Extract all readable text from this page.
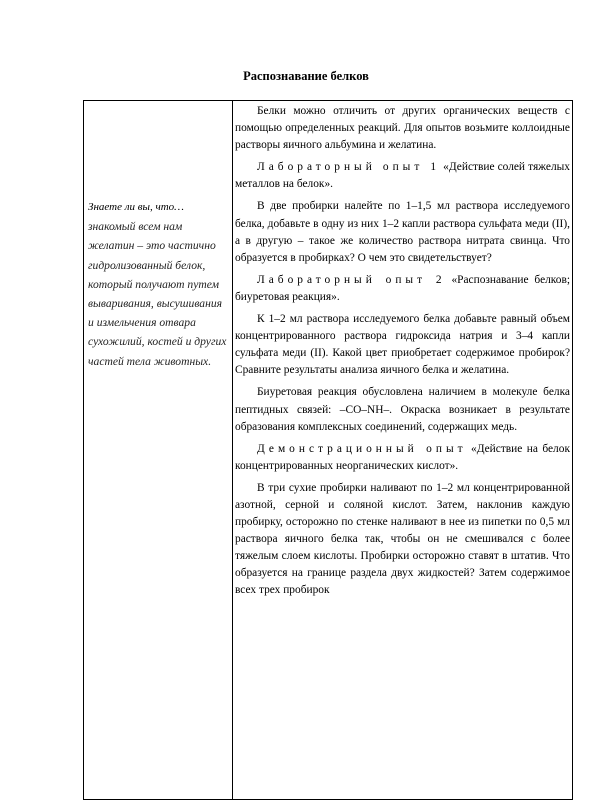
Распознавание белков
Знаете ли вы, что…
знакомый всем нам желатин – это частично гидролизованный белок, который получают путем вываривания, высушивания и измельчения отвара сухожилий, костей и других частей тела животных.

Белки можно отличить от других органических веществ с помощью определенных реакций. Для опытов возьмите коллоидные растворы яичного альбумина и желатина.

Лабораторный опыт 1 «Действие солей тяжелых металлов на белок».

В две пробирки налейте по 1–1,5 мл раствора исследуемого белка, добавьте в одну из них 1–2 капли раствора сульфата меди (II), а в другую – такое же количество раствора нитрата свинца. Что образуется в пробирках? О чем это свидетельствует?

Лабораторный опыт 2 «Распознавание белков; биуретовая реакция».

К 1–2 мл раствора исследуемого белка добавьте равный объем концентрированного раствора гидроксида натрия и 3–4 капли сульфата меди (II). Какой цвет приобретает содержимое пробирок? Сравните результаты анализа яичного белка и желатина.

Биуретовая реакция обусловлена наличием в молекуле белка пептидных связей: –CO–NH–. Окраска возникает в результате образования комплексных соединений, содержащих медь.

Демонстрационный опыт «Действие на белок концентрированных неорганических кислот».

В три сухие пробирки наливают по 1–2 мл концентрированной азотной, серной и соляной кислот. Затем, наклонив каждую пробирку, осторожно по стенке наливают в нее из пипетки по 0,5 мл раствора яичного белка так, чтобы он не смешивался с более тяжелым слоем кислоты. Пробирки осторожно ставят в штатив. Что образуется на границе раздела двух жидкостей? Затем содержимое всех трех пробирок
